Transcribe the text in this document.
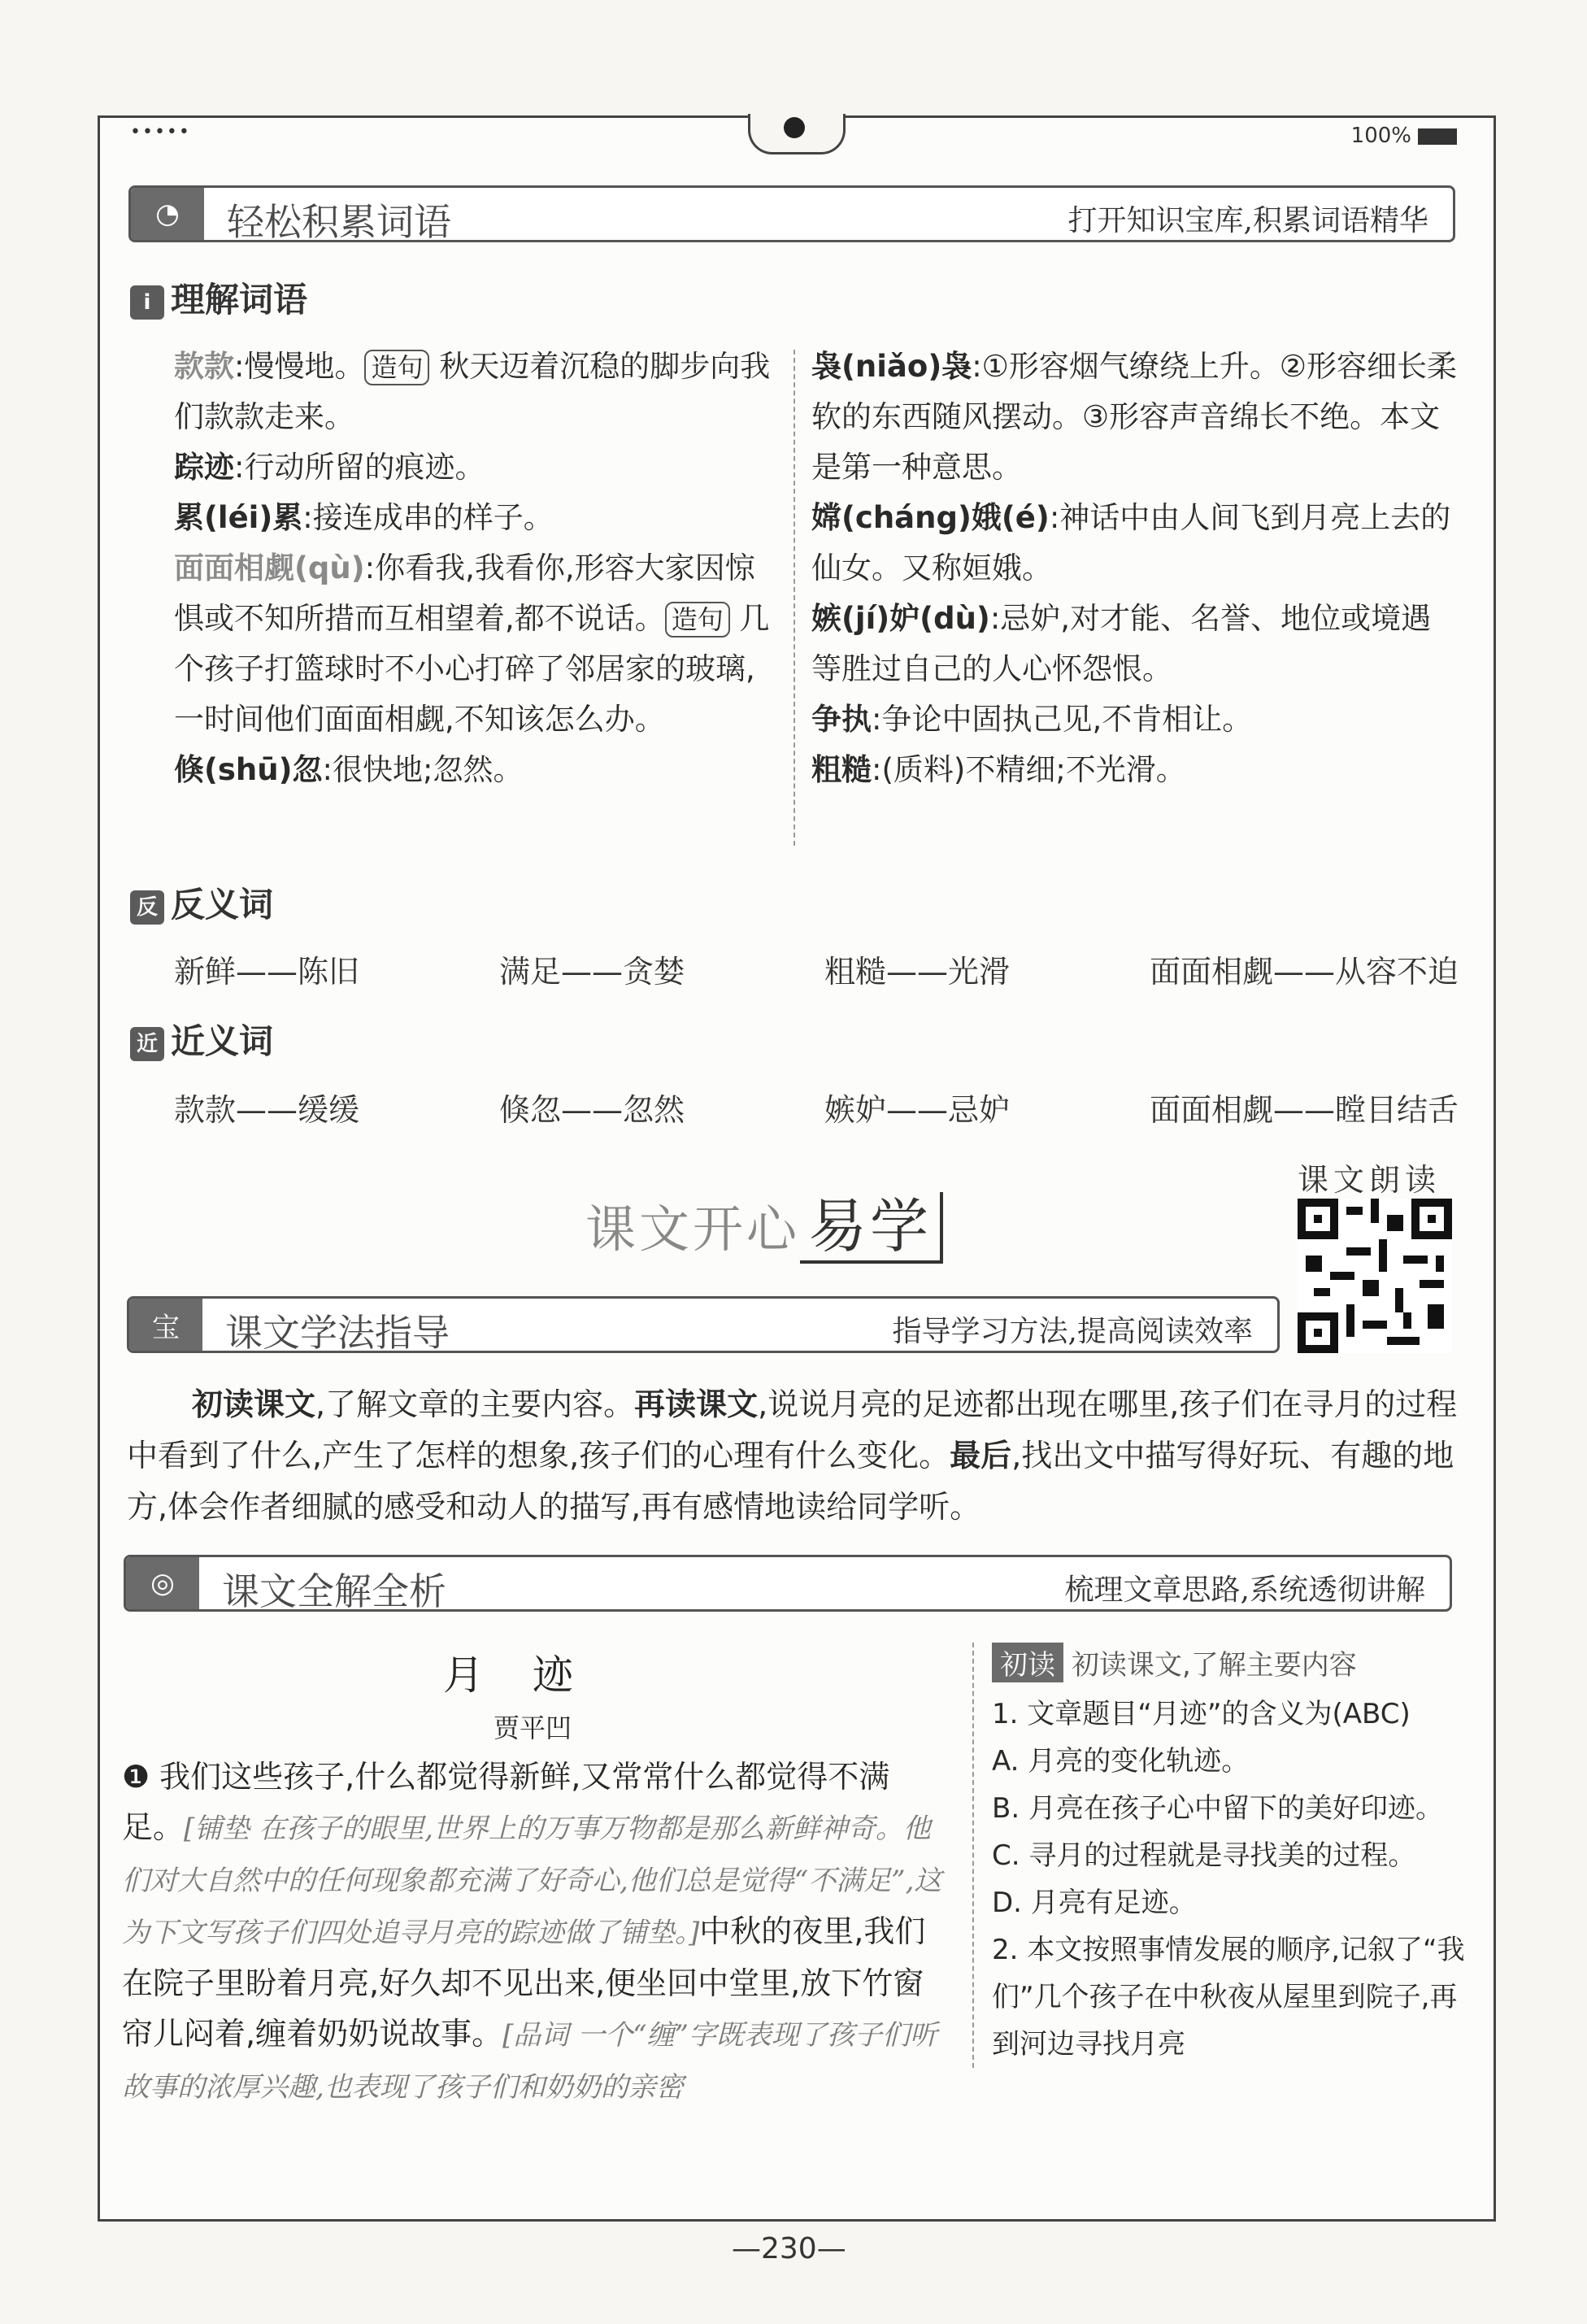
•••••	100%
◔	轻松积累词语	打开知识宝库,积累词语精华
i 理解词语
款款:慢慢地。 造句 秋天迈着沉稳的脚步向我们款款走来。
踪迹:行动所留的痕迹。
累(léi)累:接连成串的样子。
面面相觑(qù):你看我,我看你,形容大家因惊惧或不知所措而互相望着,都不说话。 造句 几个孩子打篮球时不小心打碎了邻居家的玻璃,一时间他们面面相觑,不知该怎么办。
倏(shū)忽:很快地;忽然。
袅(niǎo)袅:①形容烟气缭绕上升。②形容细长柔软的东西随风摆动。③形容声音绵长不绝。本文是第一种意思。
嫦(cháng)娥(é):神话中由人间飞到月亮上去的仙女。又称姮娥。
嫉(jí)妒(dù):忌妒,对才能、名誉、地位或境遇等胜过自己的人心怀怨恨。
争执:争论中固执己见,不肯相让。
粗糙:(质料)不精细;不光滑。
反 反义词
新鲜——陈旧	满足——贪婪	粗糙——光滑	面面相觑——从容不迫
近 近义词
款款——缓缓	倏忽——忽然	嫉妒——忌妒	面面相觑——瞠目结舌
课文开心 易学
课文朗读
宝	课文学法指导	指导学习方法,提高阅读效率
初读课文,了解文章的主要内容。再读课文,说说月亮的足迹都出现在哪里,孩子们在寻月的过程中看到了什么,产生了怎样的想象,孩子们的心理有什么变化。最后,找出文中描写得好玩、有趣的地方,体会作者细腻的感受和动人的描写,再有感情地读给同学听。
◎	课文全解全析	梳理文章思路,系统透彻讲解
月迹
贾平凹
❶ 我们这些孩子,什么都觉得新鲜,又常常什么都觉得不满足。[铺垫 在孩子的眼里,世界上的万事万物都是那么新鲜神奇。他们对大自然中的任何现象都充满了好奇心,他们总是觉得“不满足”,这为下文写孩子们四处追寻月亮的踪迹做了铺垫。]中秋的夜里,我们在院子里盼着月亮,好久却不见出来,便坐回中堂里,放下竹窗帘儿闷着,缠着奶奶说故事。[品词 一个“缠”字既表现了孩子们听故事的浓厚兴趣,也表现了孩子们和奶奶的亲密
初读 初读课文,了解主要内容
1. 文章题目“月迹”的含义为(ABC)
A. 月亮的变化轨迹。
B. 月亮在孩子心中留下的美好印迹。
C. 寻月的过程就是寻找美的过程。
D. 月亮有足迹。
2. 本文按照事情发展的顺序,记叙了“我们”几个孩子在中秋夜从屋里到院子,再到河边寻找月亮
—230—
